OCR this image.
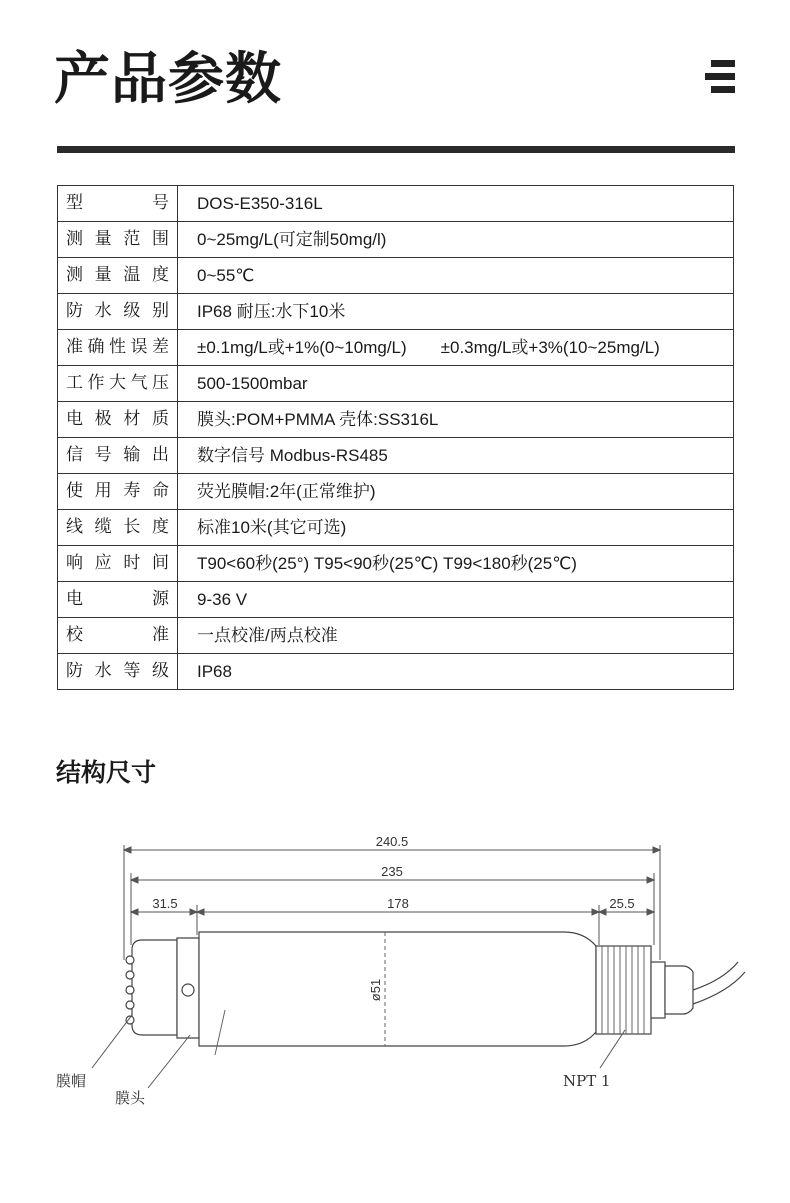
产品参数
型　　号	DOS-E350-316L

测量范围	0~25mg/L(可定制50mg/l)

测量温度	0~55℃

防水级别	IP68 耐压:水下10米

准确性误差	±0.1mg/L或+1%(0~10mg/L)　　±0.3mg/L或+3%(10~25mg/L)

工作大气压	500-1500mbar

电极材质	膜头:POM+PMMA 壳体:SS316L

信号输出	数字信号 Modbus-RS485

使用寿命	荧光膜帽:2年(正常维护)

线缆长度	标准10米(其它可选)

响应时间	T90<60秒(25°) T95<90秒(25℃) T99<180秒(25℃)

电　　源	9-36 V

校　　准	一点校准/两点校准

防水等级	IP68
结构尺寸
240.5
235
31.5	178	25.5
ø51
膜帽
膜头
NPT 1
